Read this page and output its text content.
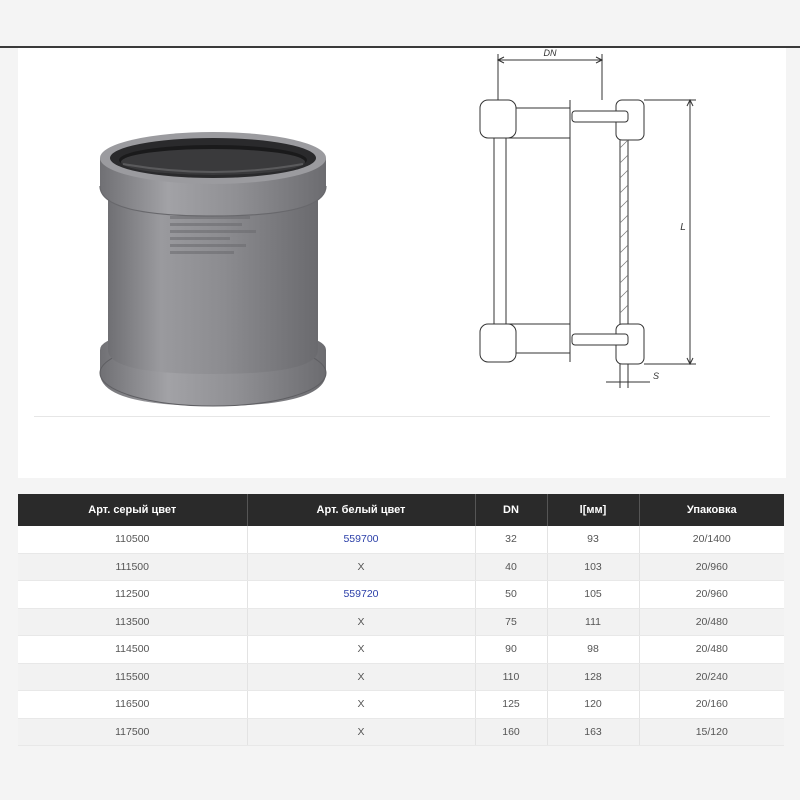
DN
L
S
Арт. серый цвет	Арт. белый цвет	DN	l[мм]	Упаковка
110500	559700	32	93	20/1400
111500	X	40	103	20/960
112500	559720	50	105	20/960
113500	X	75	111	20/480
114500	X	90	98	20/480
115500	X	110	128	20/240
116500	X	125	120	20/160
117500	X	160	163	15/120
